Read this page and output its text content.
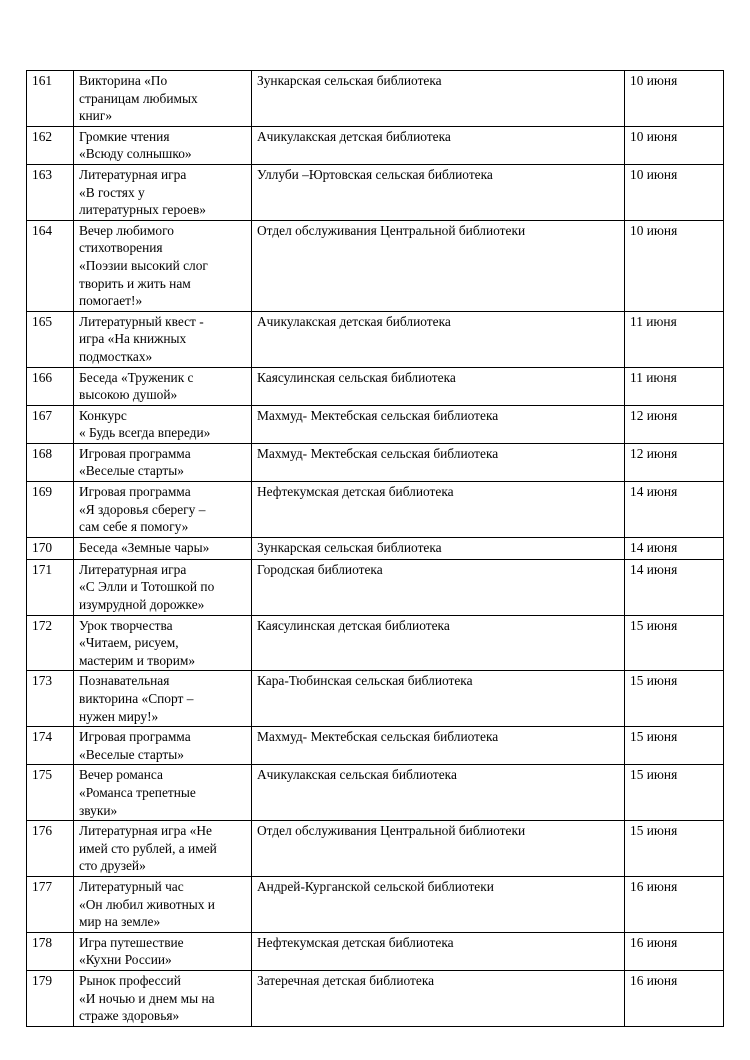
161	Викторина «По
страницам любимых
книг»	Зункарская сельская библиотека	10 июня
162	Громкие чтения
«Всюду солнышко»	Ачикулакская детская библиотека	10 июня
163	Литературная игра
«В гостях у
литературных героев»	Уллуби –Юртовская сельская библиотека	10 июня
164	Вечер любимого
стихотворения
«Поэзии высокий слог
творить и жить нам
помогает!»	Отдел обслуживания Центральной библиотеки	10 июня
165	Литературный квест -
игра «На книжных
подмостках»	Ачикулакская детская библиотека	11 июня
166	Беседа «Труженик с
высокою душой»	Каясулинская сельская библиотека	11 июня
167	Конкурс
« Будь всегда впереди»	Махмуд- Мектебская сельская библиотека	12 июня
168	Игровая программа
«Веселые старты»	Махмуд- Мектебская сельская библиотека	12 июня
169	Игровая программа
«Я здоровья сберегу –
сам себе я помогу»	Нефтекумская детская библиотека	14 июня
170	Беседа «Земные чары»	Зункарская сельская библиотека	14 июня
171	Литературная игра
«С Элли и Тотошкой по
изумрудной дорожке»	Городская библиотека	14 июня
172	Урок творчества
«Читаем, рисуем,
мастерим и творим»	Каясулинская детская библиотека	15 июня
173	Познавательная
викторина «Спорт –
нужен миру!»	Кара-Тюбинская сельская библиотека	15 июня
174	Игровая программа
«Веселые старты»	Махмуд- Мектебская сельская библиотека	15 июня
175	Вечер романса
«Романса трепетные
звуки»	Ачикулакская сельская библиотека	15 июня
176	Литературная игра «Не
имей сто рублей, а имей
сто друзей»	Отдел обслуживания Центральной библиотеки	15 июня
177	Литературный час
«Он любил животных и
мир на земле»	Андрей-Курганской сельской библиотеки	16 июня
178	Игра путешествие
«Кухни России»	Нефтекумская детская библиотека	16 июня
179	Рынок профессий
«И ночью и днем мы на
страже здоровья»	Затеречная детская библиотека	16 июня
